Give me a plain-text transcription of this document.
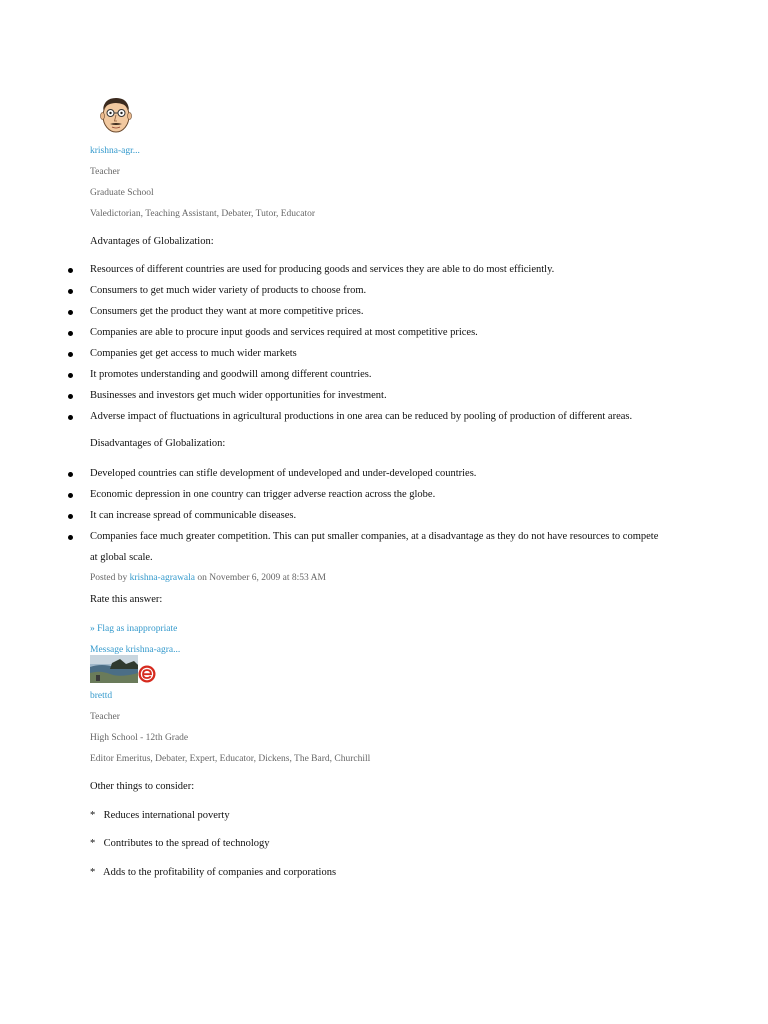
krishna-agr...
Teacher
Graduate School
Valedictorian, Teaching Assistant, Debater, Tutor, Educator
Advantages of Globalization:
Resources of different countries are used for producing goods and services they are able to do most efficiently.
Consumers to get much wider variety of products to choose from.
Consumers get the product they want at more competitive prices.
Companies are able to procure input goods and services required at most competitive prices.
Companies get get access to much wider markets
It promotes understanding and goodwill among different countries.
Businesses and investors get much wider opportunities for investment.
Adverse impact of fluctuations in agricultural productions in one area can be reduced by pooling of production of different areas.
Disadvantages of Globalization:
Developed countries can stifle development of undeveloped and under-developed countries.
Economic depression in one country can trigger adverse reaction across the globe.
It can increase spread of communicable diseases.
Companies face much greater competition. This can put smaller companies, at a disadvantage as they do not have resources to compete
at global scale.
Posted by krishna-agrawala on November 6, 2009 at 8:53 AM
Rate this answer:
» Flag as inappropriate
Message krishna-agra...
brettd
Teacher
High School - 12th Grade
Editor Emeritus, Debater, Expert, Educator, Dickens, The Bard, Churchill
Other things to consider:
* Reduces international poverty
* Contributes to the spread of technology
* Adds to the profitability of companies and corporations
